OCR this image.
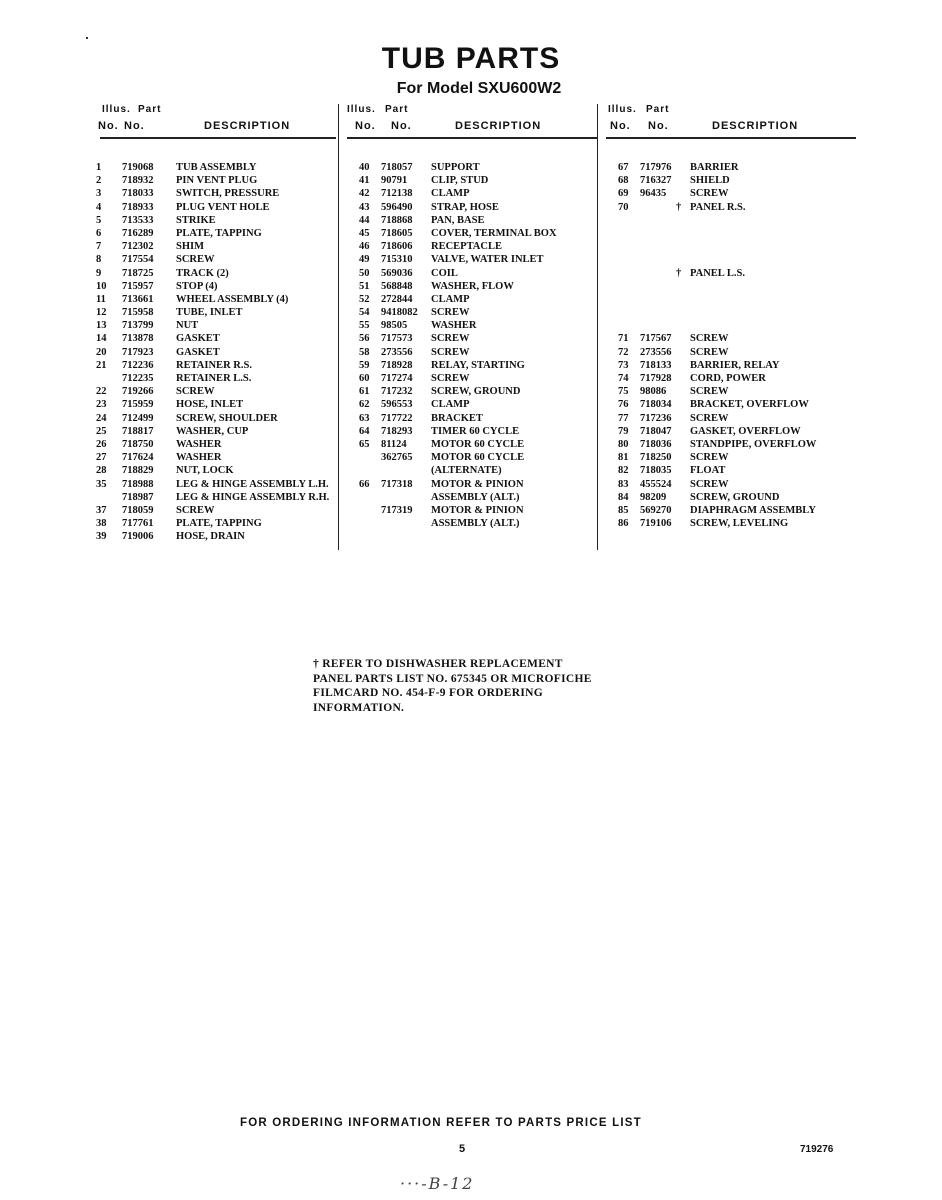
TUB PARTS
For Model SXU600W2
Illus. Part
No. No.	DESCRIPTION
1 719068 TUB ASSEMBLY
2 718932 PIN VENT PLUG
3 718033 SWITCH, PRESSURE
4 718933 PLUG VENT HOLE
5 713533 STRIKE
6 716289 PLATE, TAPPING
7 712302 SHIM
8 717554 SCREW
9 718725 TRACK (2)
10 715957 STOP (4)
11 713661 WHEEL ASSEMBLY (4)
12 715958 TUBE, INLET
13 713799 NUT
14 713878 GASKET
20 717923 GASKET
21 712236 RETAINER R.S.
712235 RETAINER L.S.
22 719266 SCREW
23 715959 HOSE, INLET
24 712499 SCREW, SHOULDER
25 718817 WASHER, CUP
26 718750 WASHER
27 717624 WASHER
28 718829 NUT, LOCK
35 718988 LEG & HINGE ASSEMBLY L.H.
718987 LEG & HINGE ASSEMBLY R.H.
37 718059 SCREW
38 717761 PLATE, TAPPING
39 719006 HOSE, DRAIN
Illus. Part
No. No.	DESCRIPTION
40 718057 SUPPORT
41 90791 CLIP, STUD
42 712138 CLAMP
43 596490 STRAP, HOSE
44 718868 PAN, BASE
45 718605 COVER, TERMINAL BOX
46 718606 RECEPTACLE
49 715310 VALVE, WATER INLET
50 569036 COIL
51 568848 WASHER, FLOW
52 272844 CLAMP
54 9418082 SCREW
55 98505 WASHER
56 717573 SCREW
58 273556 SCREW
59 718928 RELAY, STARTING
60 717274 SCREW
61 717232 SCREW, GROUND
62 596553 CLAMP
63 717722 BRACKET
64 718293 TIMER 60 CYCLE
65 81124 MOTOR 60 CYCLE
362765 MOTOR 60 CYCLE
(ALTERNATE)
66 717318 MOTOR & PINION
ASSEMBLY (ALT.)
717319 MOTOR & PINION
ASSEMBLY (ALT.)
Illus. Part
No. No.	DESCRIPTION
67 717976 BARRIER
68 716327 SHIELD
69 96435 SCREW
70	† PANEL R.S.
† PANEL L.S.
71 717567 SCREW
72 273556 SCREW
73 718133 BARRIER, RELAY
74 717928 CORD, POWER
75 98086 SCREW
76 718034 BRACKET, OVERFLOW
77 717236 SCREW
79 718047 GASKET, OVERFLOW
80 718036 STANDPIPE, OVERFLOW
81 718250 SCREW
82 718035 FLOAT
83 455524 SCREW
84 98209 SCREW, GROUND
85 569270 DIAPHRAGM ASSEMBLY
86 719106 SCREW, LEVELING
† REFER TO DISHWASHER REPLACEMENT PANEL PARTS LIST NO. 675345 OR MICROFICHE FILMCARD NO. 454-F-9 FOR ORDERING INFORMATION.
FOR ORDERING INFORMATION REFER TO PARTS PRICE LIST
5	719276
···-B-12
